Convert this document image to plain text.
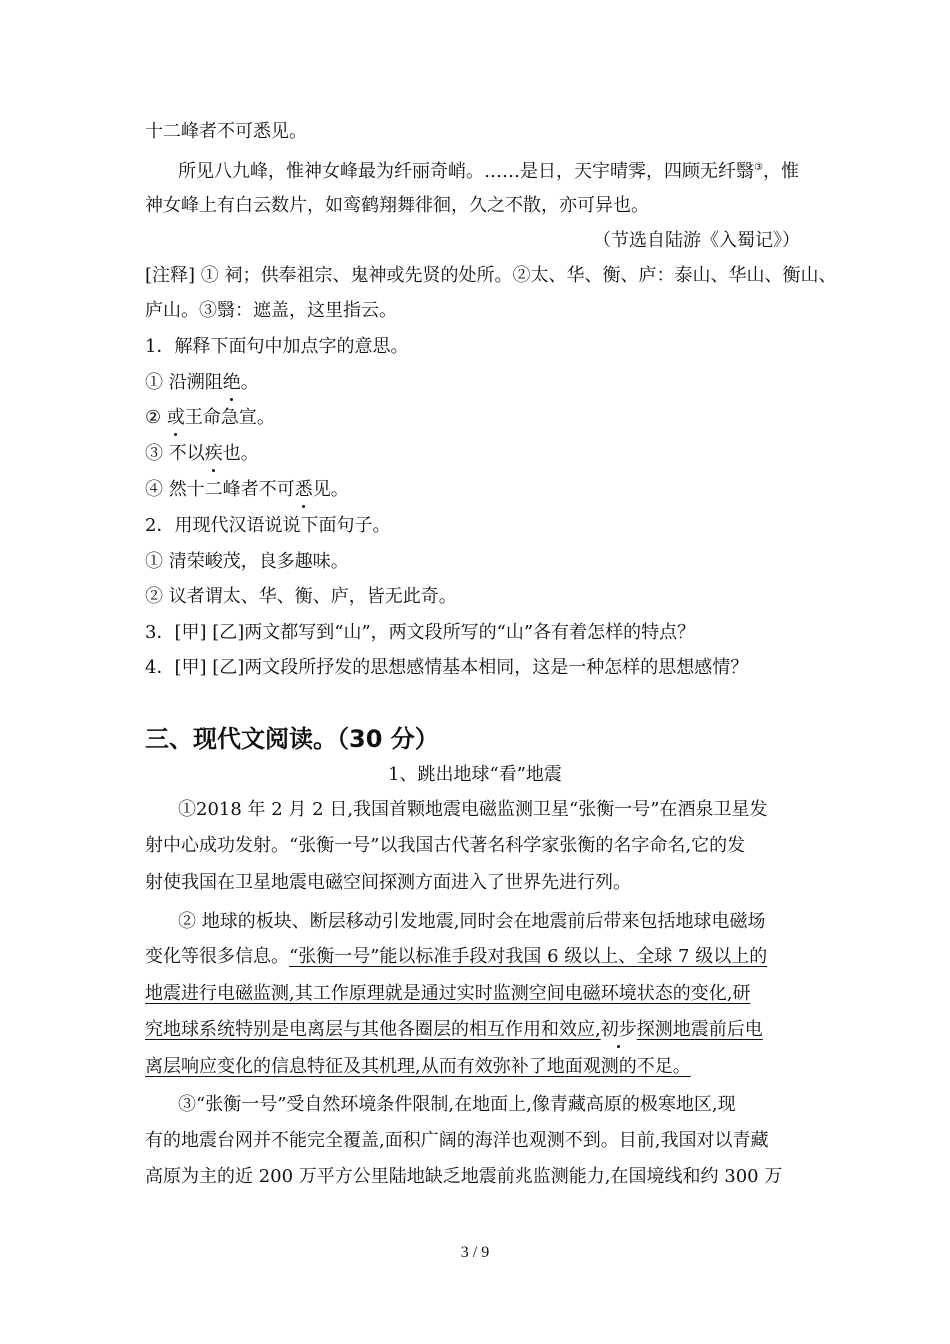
十二峰者不可悉见。
所见八九峰，惟神女峰最为纤丽奇峭。……是日，天宇晴霁，四顾无纤翳③，惟
神女峰上有白云数片，如鸾鹤翔舞徘徊，久之不散，亦可异也。
（节选自陆游《入蜀记》）
[注释] ① 祠；供奉祖宗、鬼神或先贤的处所。②太、华、衡、庐：泰山、华山、衡山、
庐山。③翳：遮盖，这里指云。
1．解释下面句中加点字的意思。
① 沿溯阻绝。
② 或王命急宣。
③ 不以疾也。
④ 然十二峰者不可悉见。
2．用现代汉语说说下面句子。
① 清荣峻茂，良多趣味。
② 议者谓太、华、衡、庐，皆无此奇。
3．[甲] [乙]两文都写到“山”，两文段所写的“山”各有着怎样的特点？
4．[甲] [乙]两文段所抒发的思想感情基本相同，这是一种怎样的思想感情？
三、现代文阅读。（30 分）
1、跳出地球“看”地震
①2018 年 2 月 2 日,我国首颗地震电磁监测卫星“张衡一号”在酒泉卫星发
射中心成功发射。“张衡一号”以我国古代著名科学家张衡的名字命名,它的发
射使我国在卫星地震电磁空间探测方面进入了世界先进行列。
② 地球的板块、断层移动引发地震,同时会在地震前后带来包括地球电磁场
变化等很多信息。“张衡一号”能以标准手段对我国 6 级以上、全球 7 级以上的
地震进行电磁监测,其工作原理就是通过实时监测空间电磁环境状态的变化,研
究地球系统特别是电离层与其他各圈层的相互作用和效应,初步探测地震前后电
离层响应变化的信息特征及其机理,从而有效弥补了地面观测的不足。
③“张衡一号”受自然环境条件限制,在地面上,像青藏高原的极寒地区,现
有的地震台网并不能完全覆盖,面积广阔的海洋也观测不到。目前,我国对以青藏
高原为主的近 200 万平方公里陆地缺乏地震前兆监测能力,在国境线和约 300 万
3 / 9
